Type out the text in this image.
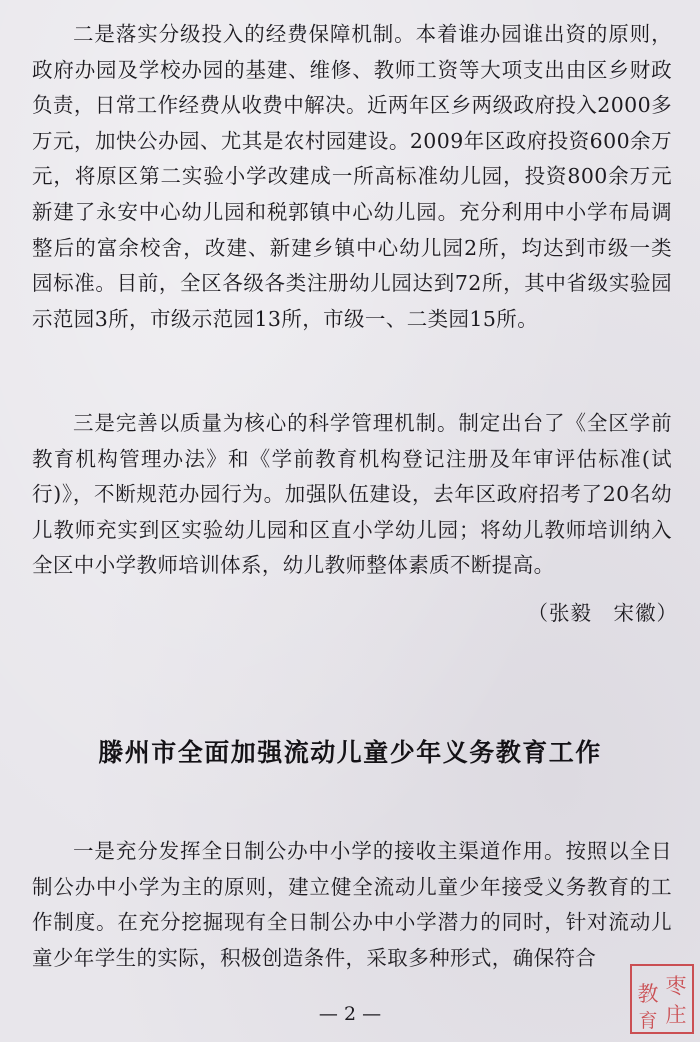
二是落实分级投入的经费保障机制。本着谁办园谁出资的原则，政府办园及学校办园的基建、维修、教师工资等大项支出由区乡财政负责，日常工作经费从收费中解决。近两年区乡两级政府投入2000多万元，加快公办园、尤其是农村园建设。2009年区政府投资600余万元，将原区第二实验小学改建成一所高标准幼儿园，投资800余万元新建了永安中心幼儿园和税郭镇中心幼儿园。充分利用中小学布局调整后的富余校舍，改建、新建乡镇中心幼儿园2所，均达到市级一类园标准。目前，全区各级各类注册幼儿园达到72所，其中省级实验园示范园3所，市级示范园13所，市级一、二类园15所。

三是完善以质量为核心的科学管理机制。制定出台了《全区学前教育机构管理办法》和《学前教育机构登记注册及年审评估标准(试行)》，不断规范办园行为。加强队伍建设，去年区政府招考了20名幼儿教师充实到区实验幼儿园和区直小学幼儿园；将幼儿教师培训纳入全区中小学教师培训体系，幼儿教师整体素质不断提高。

（张毅　宋徽）
滕州市全面加强流动儿童少年义务教育工作

一是充分发挥全日制公办中小学的接收主渠道作用。按照以全日制公办中小学为主的原则，建立健全流动儿童少年接受义务教育的工作制度。在充分挖掘现有全日制公办中小学潜力的同时，针对流动儿童少年学生的实际，积极创造条件，采取多种形式，确保符合

— 2 —
枣
庄
教
育
